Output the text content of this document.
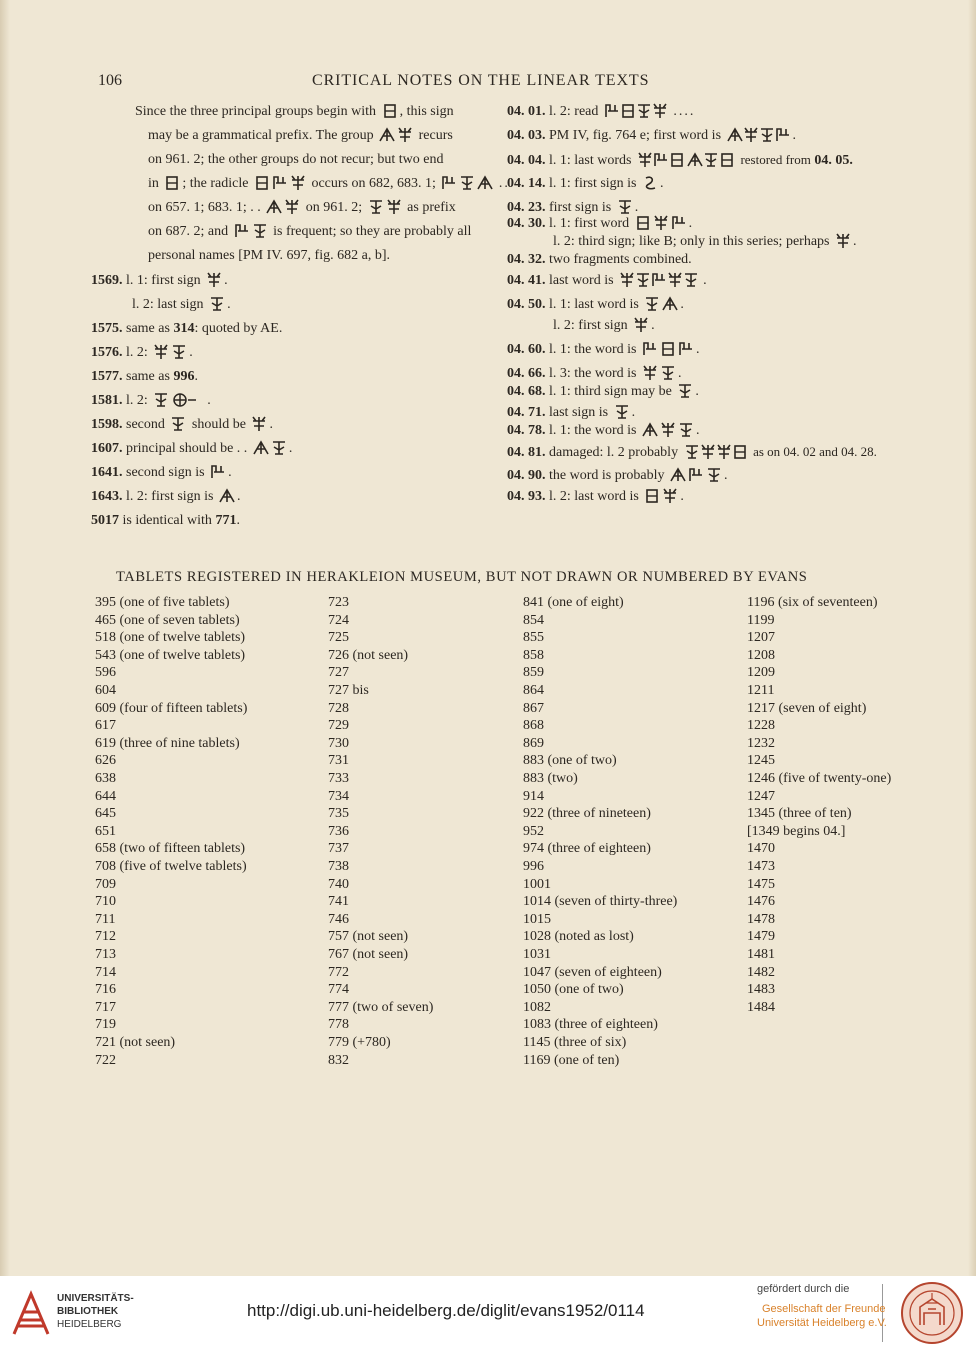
106	CRITICAL NOTES ON THE LINEAR TEXTS
Since the three principal groups begin with , this sign
may be a grammatical prefix. The group	recurs
on 961. 2; the other groups do not recur; but two end
in ; the radicle	occurs on 682, 683. 1;	..
on 657. 1; 683. 1; . .	on 961. 2;	as prefix
on 687. 2; and	is frequent; so they are probably all
personal names [PM IV. 697, fig. 682 a, b].
1569. l. 1: first sign .
l. 2: last sign .
1575. same as 314: quoted by AE.
1576. l. 2:	.
1577. same as 996.
1581. l. 2:	.
1598. second should be .
1607. principal should be . .	.
1641. second sign is .
1643. l. 2: first sign is .
5017 is identical with 771.
04. 01. l. 2: read	....
04. 03. PM IV, fig. 764 e; first word is	.
04. 04. l. 1: last words	restored from 04. 05.
04. 14. l. 1: first sign is .
04. 23. first sign is .
04. 30. l. 1: first word	.
l. 2: third sign; like B; only in this series; perhaps .
04. 32. two fragments combined.
04. 41. last word is	.
04. 50. l. 1: last word is	.
l. 2: first sign .
04. 60. l. 1: the word is	.
04. 66. l. 3: the word is	.
04. 68. l. 1: third sign may be .
04. 71. last sign is .
04. 78. l. 1: the word is	.
04. 81. damaged: l. 2 probably	as on 04. 02 and 04. 28.
04. 90. the word is probably	.
04. 93. l. 2: last word is	.
TABLETS REGISTERED IN HERAKLEION MUSEUM, BUT NOT DRAWN OR NUMBERED BY EVANS
395 (one of five tablets)
465 (one of seven tablets)
518 (one of twelve tablets)
543 (one of twelve tablets)
596
604
609 (four of fifteen tablets)
617
619 (three of nine tablets)
626
638
644
645
651
658 (two of fifteen tablets)
708 (five of twelve tablets)
709
710
711
712
713
714
716
717
719
721 (not seen)
722
723
724
725
726 (not seen)
727
727 bis
728
729
730
731
733
734
735
736
737
738
740
741
746
757 (not seen)
767 (not seen)
772
774
777 (two of seven)
778
779 (+780)
832
841 (one of eight)
854
855
858
859
864
867
868
869
883 (one of two)
883 (two)
914
922 (three of nineteen)
952
974 (three of eighteen)
996
1001
1014 (seven of thirty-three)
1015
1028 (noted as lost)
1031
1047 (seven of eighteen)
1050 (one of two)
1082
1083 (three of eighteen)
1145 (three of six)
1169 (one of ten)
1196 (six of seventeen)
1199
1207
1208
1209
1211
1217 (seven of eight)
1228
1232
1245
1246 (five of twenty-one)
1247
1345 (three of ten)
[1349 begins 04.]
1470
1473
1475
1476
1478
1479
1481
1482
1483
1484
UNIVERSITÄTS-
BIBLIOTHEK
HEIDELBERG
http://digi.ub.uni-heidelberg.de/diglit/evans1952/0114
gefördert durch die
Gesellschaft der Freunde
Universität Heidelberg e.V.
